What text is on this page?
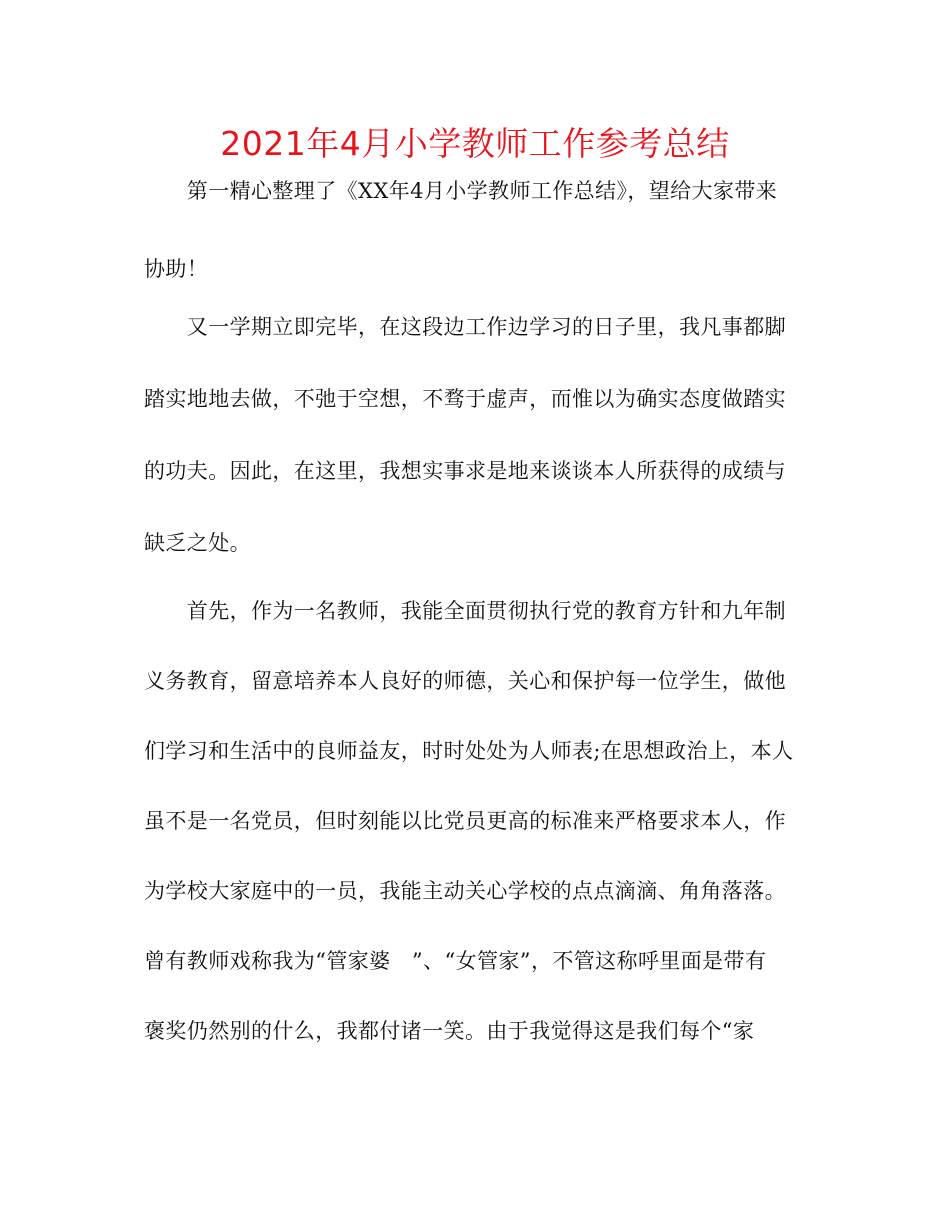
2021年4月小学教师工作参考总结
　　第一精心整理了《XX年4月小学教师工作总结》，望给大家带来
协助！
　　又一学期立即完毕，在这段边工作边学习的日子里，我凡事都脚
踏实地地去做，不弛于空想，不骛于虚声，而惟以为确实态度做踏实
的功夫。因此，在这里，我想实事求是地来谈谈本人所获得的成绩与
缺乏之处。
　　首先，作为一名教师，我能全面贯彻执行党的教育方针和九年制
义务教育，留意培养本人良好的师德，关心和保护每一位学生，做他
们学习和生活中的良师益友，时时处处为人师表;在思想政治上，本人
虽不是一名党员，但时刻能以比党员更高的标准来严格要求本人，作
为学校大家庭中的一员，我能主动关心学校的点点滴滴、角角落落。
曾有教师戏称我为“管家婆　”、“女管家”，不管这称呼里面是带有
褒奖仍然别的什么，我都付诸一笑。由于我觉得这是我们每个“家
